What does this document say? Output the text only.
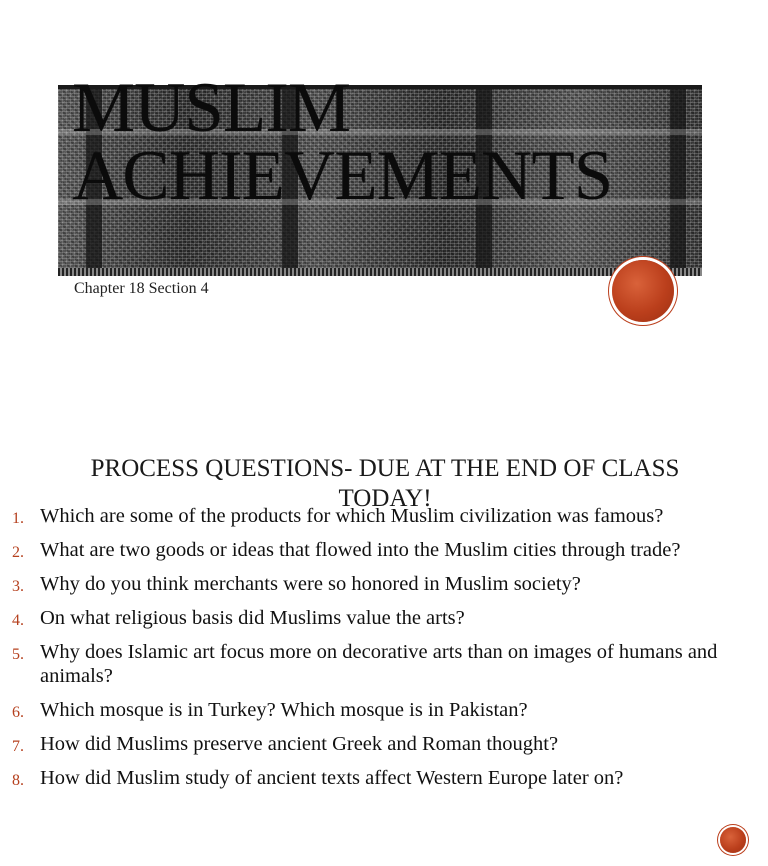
MUSLIM
ACHIEVEMENTS
Chapter 18 Section 4
PROCESS QUESTIONS- DUE AT THE END OF CLASS TODAY!
1. Which are some of the products for which Muslim civilization was famous?
2. What are two goods or ideas that flowed into the Muslim cities through trade?
3. Why do you think merchants were so honored in Muslim society?
4. On what religious basis did Muslims value the arts?
5. Why does Islamic art focus more on decorative arts than on images of humans and animals?
6. Which mosque is in Turkey? Which mosque is in Pakistan?
7. How did Muslims preserve ancient Greek and Roman thought?
8. How did Muslim study of ancient texts affect Western Europe later on?
